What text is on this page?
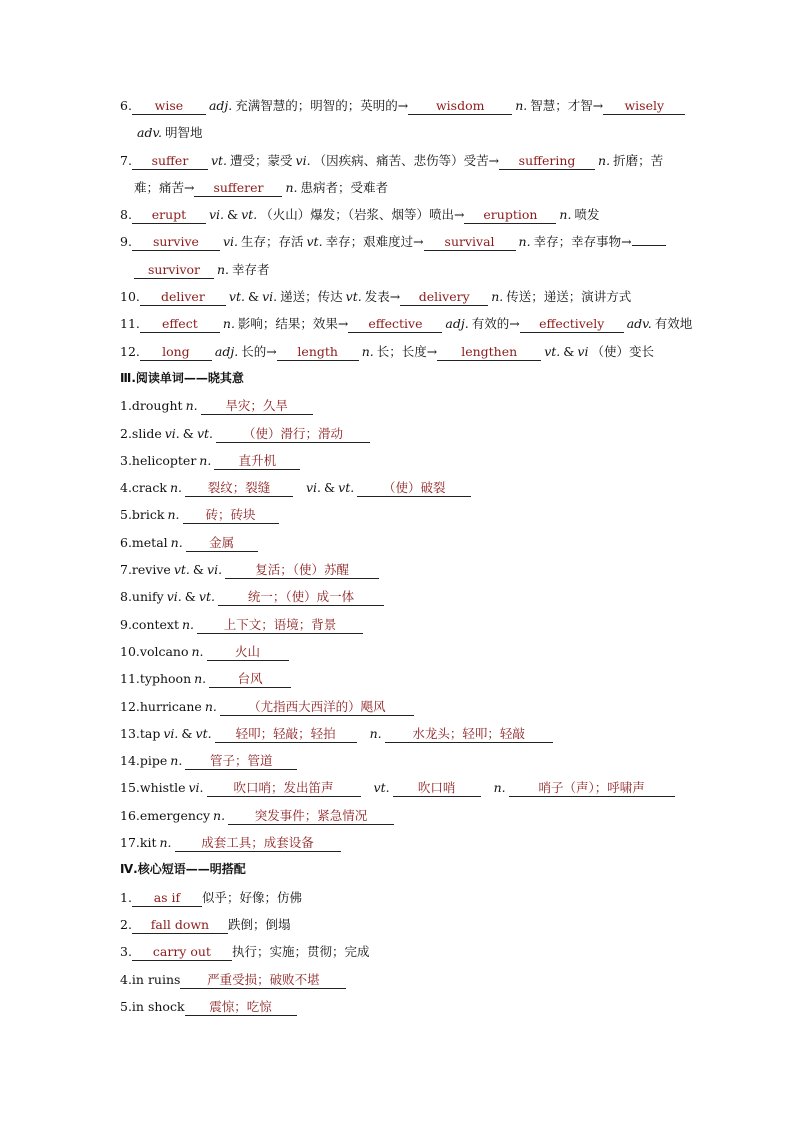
6. wise adj. 充满智慧的；明智的；英明的→ wisdom n. 智慧；才智→ wisely
adv. 明智地
7. suffer vt. 遭受；蒙受 vi. （因疾病、痛苦、悲伤等）受苦→ suffering n. 折磨；苦
难；痛苦→ sufferer n. 患病者；受难者
8. erupt vi. & vt. （火山）爆发；（岩浆、烟等）喷出→ eruption n. 喷发
9. survive vi. 生存；存活 vt. 幸存；艰难度过→ survival n. 幸存；幸存事物→
survivor n. 幸存者
10. deliver vt. & vi. 递送；传达 vt. 发表→ delivery n. 传送；递送；演讲方式
11. effect n. 影响；结果；效果→ effective adj. 有效的→ effectively adv. 有效地
12. long adj. 长的→ length n. 长；长度→ lengthen vt. & vi （使）变长
Ⅲ.阅读单词——晓其意
1.drought n. 旱灾；久旱
2.slide vi. & vt. （使）滑行；滑动
3.helicopter n. 直升机
4.crack n. 裂纹；裂缝	vi. & vt. （使）破裂
5.brick n. 砖；砖块
6.metal n. 金属
7.revive vt. & vi.	复活；（使）苏醒
8.unify vi. & vt.	统一；（使）成一体
9.context n. 上下文；语境；背景
10.volcano n.	火山
11.typhoon n.	台风
12.hurricane n. （尤指西大西洋的）飓风
13.tap vi. & vt. 轻叩；轻敲；轻拍	n. 水龙头；轻叩；轻敲
14.pipe n. 管子；管道
15.whistle vi. 吹口哨；发出笛声	vt. 吹口哨	n.	哨子（声）；呼啸声
16.emergency n. 突发事件；紧急情况
17.kit n. 成套工具；成套设备
Ⅳ.核心短语——明搭配
1. as if 似乎；好像；仿佛
2. fall down 跌倒；倒塌
3. carry out 执行；实施；贯彻；完成
4.in ruins 严重受损；破败不堪
5.in shock 震惊；吃惊
